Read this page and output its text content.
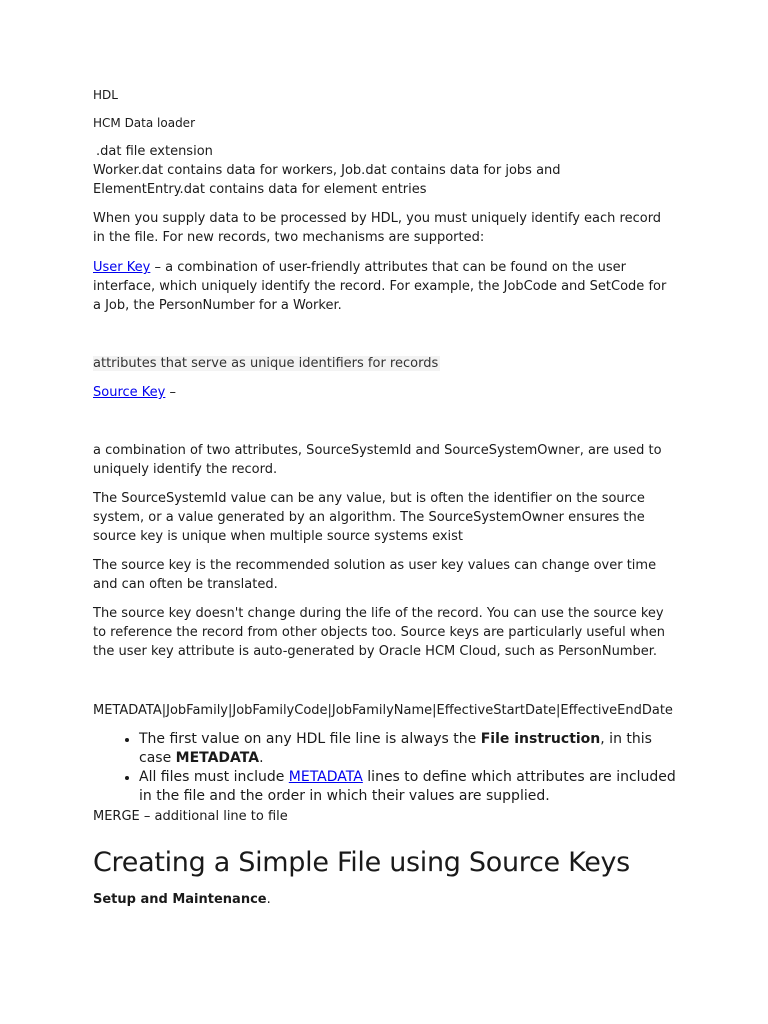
HDL

HCM Data loader

.dat file extension

Worker.dat contains data for workers, Job.dat contains data for jobs and ElementEntry.dat contains data for element entries

When you supply data to be processed by HDL, you must uniquely identify each record in the file. For new records, two mechanisms are supported:

User Key – a combination of user-friendly attributes that can be found on the user interface, which uniquely identify the record. For example, the JobCode and SetCode for a Job, the PersonNumber for a Worker.

attributes that serve as unique identifiers for records

Source Key –

a combination of two attributes, SourceSystemId and SourceSystemOwner, are used to uniquely identify the record.

The SourceSystemId value can be any value, but is often the identifier on the source system, or a value generated by an algorithm. The SourceSystemOwner ensures the source key is unique when multiple source systems exist

The source key is the recommended solution as user key values can change over time and can often be translated.

The source key doesn't change during the life of the record. You can use the source key to reference the record from other objects too. Source keys are particularly useful when the user key attribute is auto-generated by Oracle HCM Cloud, such as PersonNumber.

METADATA|JobFamily|JobFamilyCode|JobFamilyName|EffectiveStartDate|EffectiveEndDate

• The first value on any HDL file line is always the File instruction, in this case METADATA.
• All files must include METADATA lines to define which attributes are included in the file and the order in which their values are supplied.

MERGE – additional line to file

Creating a Simple File using Source Keys

Setup and Maintenance.
